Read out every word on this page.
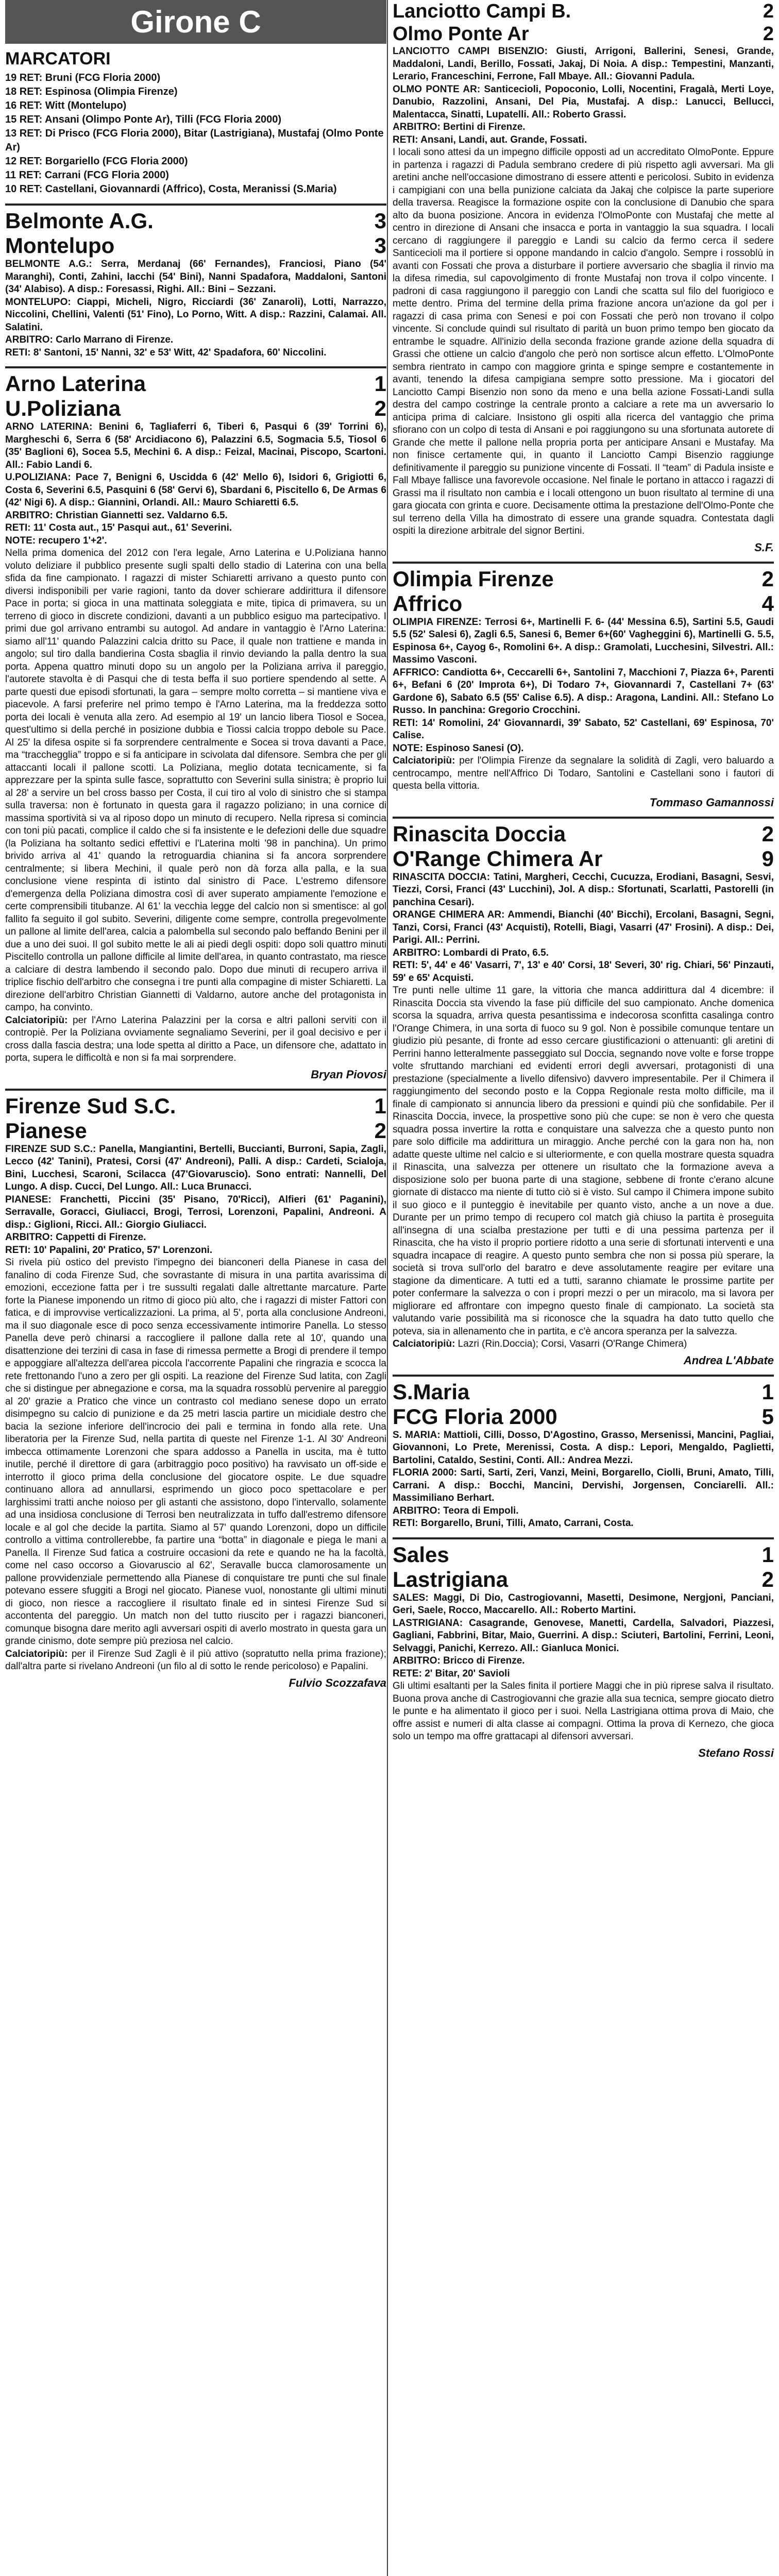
Girone C
MARCATORI

19 RET: Bruni (FCG Floria 2000)

18 RET: Espinosa (Olimpia Firenze)

16 RET: Witt (Montelupo)

15 RET: Ansani (Olimpo Ponte Ar), Tilli (FCG Floria 2000)

13 RET: Di Prisco (FCG Floria 2000), Bitar (Lastrigiana), Mustafaj (Olmo Ponte Ar)

12 RET: Borgariello (FCG Floria 2000)

11 RET: Carrani (FCG Floria 2000)

10 RET: Castellani, Giovannardi (Affrico), Costa, Meranissi (S.Maria)

Belmonte A.G.	3
Montelupo	3

BELMONTE A.G.: Serra, Merdanaj (66' Fernandes), Franciosi, Piano (54' Maranghi), Conti, Zahini, Iacchi (54' Bini), Nanni Spadafora, Maddaloni, Santoni (34' Alabiso). A disp.: Foresassi, Righi. All.: Bini – Sezzani.

MONTELUPO: Ciappi, Micheli, Nigro, Ricciardi (36' Zanaroli), Lotti, Narrazzo, Niccolini, Chellini, Valenti (51' Fino), Lo Porno, Witt. A disp.: Razzini, Calamai. All. Salatini.

ARBITRO: Carlo Marrano di Firenze.

RETI: 8' Santoni, 15' Nanni, 32' e 53' Witt, 42' Spadafora, 60' Niccolini.

Arno Laterina	1
U.Poliziana	2

ARNO LATERINA: Benini 6, Tagliaferri 6, Tiberi 6, Pasqui 6 (39' Torrini 6), Margheschi 6, Serra 6 (58' Arcidiacono 6), Palazzini 6.5, Sogmacia 5.5, Tiosol 6 (35' Baglioni 6), Socea 5.5, Mechini 6. A disp.: Feizal, Macinai, Piscopo, Scartoni. All.: Fabio Landi 6.

U.POLIZIANA: Pace 7, Benigni 6, Uscidda 6 (42' Mello 6), Isidori 6, Grigiotti 6, Costa 6, Severini 6.5, Pasquini 6 (58' Gervi 6), Sbardani 6, Piscitello 6, De Armas 6 (42' Nigi 6). A disp.: Giannini, Orlandi. All.: Mauro Schiaretti 6.5.

ARBITRO: Christian Giannetti sez. Valdarno 6.5.

RETI: 11' Costa aut., 15' Pasqui aut., 61' Severini.

NOTE: recupero 1'+2'.

Nella prima domenica del 2012 con l'era legale, Arno Laterina e U.Poliziana hanno voluto deliziare il pubblico presente sugli spalti dello stadio di Laterina con una bella sfida da fine campionato. I ragazzi di mister Schiaretti arrivano a questo punto con diversi indisponibili per varie ragioni, tanto da dover schierare addirittura il difensore Pace in porta; si gioca in una mattinata soleggiata e mite, tipica di primavera, su un terreno di gioco in discrete condizioni, davanti a un pubblico esiguo ma partecipativo. I primi due gol arrivano entrambi su autogol. Ad andare in vantaggio è l'Arno Laterina: siamo all'11' quando Palazzini calcia dritto su Pace, il quale non trattiene e manda in angolo; sul tiro dalla bandierina Costa sbaglia il rinvio deviando la palla dentro la sua porta. Appena quattro minuti dopo su un angolo per la Poliziana arriva il pareggio, l'autorete stavolta è di Pasqui che di testa beffa il suo portiere spendendo al sette. A parte questi due episodi sfortunati, la gara – sempre molto corretta – si mantiene viva e piacevole. A farsi preferire nel primo tempo è l'Arno Laterina, ma la freddezza sotto porta dei locali è venuta alla zero. Ad esempio al 19' un lancio libera Tiosol e Socea, quest'ultimo si della perché in posizione dubbia e Tiossi calcia troppo debole su Pace. Al 25' la difesa ospite si fa sorprendere centralmente e Socea si trova davanti a Pace, ma “tracchegglia” troppo e si fa anticipare in scivolata dal difensore. Sembra che per gli attaccanti locali il pallone scotti. La Poliziana, meglio dotata tecnicamente, si fa apprezzare per la spinta sulle fasce, soprattutto con Severini sulla sinistra; è proprio lui al 28' a servire un bel cross basso per Costa, il cui tiro al volo di sinistro che si stampa sulla traversa: non è fortunato in questa gara il ragazzo poliziano; in una cornice di massima sportività si va al riposo dopo un minuto di recupero. Nella ripresa si comincia con toni più pacati, complice il caldo che si fa insistente e le defezioni delle due squadre (la Poliziana ha soltanto sedici effettivi e l'Laterina molti '98 in panchina). Un primo brivido arriva al 41' quando la retroguardia chianina si fa ancora sorprendere centralmente; si libera Mechini, il quale però non dà forza alla palla, e la sua conclusione viene respinta di istinto dal sinistro di Pace. L'estremo difensore d'emergenza della Poliziana dimostra così di aver superato ampiamente l'emozione e certe comprensibili titubanze. Al 61' la vecchia legge del calcio non si smentisce: al gol fallito fa seguito il gol subito. Severini, diligente come sempre, controlla pregevolmente un pallone al limite dell'area, calcia a palombella sul secondo palo beffando Benini per il due a uno dei suoi. Il gol subito mette le ali ai piedi degli ospiti: dopo soli quattro minuti Piscitello controlla un pallone difficile al limite dell'area, in quanto contrastato, ma riesce a calciare di destra lambendo il secondo palo. Dopo due minuti di recupero arriva il triplice fischio dell'arbitro che consegna i tre punti alla compagine di mister Schiaretti. La direzione dell'arbitro Christian Giannetti di Valdarno, autore anche del protagonista in campo, ha convinto.

Calciatoripiù: per l'Arno Laterina Palazzini per la corsa e altri palloni serviti con il contropiè. Per la Poliziana ovviamente segnaliamo Severini, per il goal decisivo e per i cross dalla fascia destra; una lode spetta al diritto a Pace, un difensore che, adattato in porta, supera le difficoltà e non si fa mai sorprendere.

Bryan Piovosi
Firenze Sud S.C.	1
Pianese	2

FIRENZE SUD S.C.: Panella, Mangiantini, Bertelli, Buccianti, Burroni, Sapia, Zagli, Lecco (42' Tanini), Pratesi, Corsi (47' Andreoni), Palli. A disp.: Cardeti, Scialoja, Bini, Lucchesi, Scaroni, Scilacca (47'Giovaruscio). Sono entrati: Nannelli, Del Lungo. A disp. Cucci, Del Lungo. All.: Luca Brunacci.

PIANESE: Franchetti, Piccini (35' Pisano, 70'Ricci), Alfieri (61' Paganini), Serravalle, Goracci, Giuliacci, Brogi, Terrosi, Lorenzoni, Papalini, Andreoni. A disp.: Giglioni, Ricci. All.: Giorgio Giuliacci.

ARBITRO: Cappetti di Firenze.

RETI: 10' Papalini, 20' Pratico, 57' Lorenzoni.

Si rivela più ostico del previsto l'impegno dei bianconeri della Pianese in casa del fanalino di coda Firenze Sud, che sovrastante di misura in una partita avarissima di emozioni, eccezione fatta per i tre sussulti regalati dalle altrettante marcature. Parte forte la Pianese imponendo un ritmo di gioco più alto, che i ragazzi di mister Fattori con fatica, e di improvvise verticalizzazioni. La prima, al 5', porta alla conclusione Andreoni, ma il suo diagonale esce di poco senza eccessivamente intimorire Panella. Lo stesso Panella deve però chinarsi a raccogliere il pallone dalla rete al 10', quando una disattenzione dei terzini di casa in fase di rimessa permette a Brogi di prendere il tempo e appoggiare all'altezza dell'area piccola l'accorrente Papalini che ringrazia e scocca la rete frettonando l'uno a zero per gli ospiti. La reazione del Firenze Sud latita, con Zagli che si distingue per abnegazione e corsa, ma la squadra rossoblù pervenire al pareggio al 20' grazie a Pratico che vince un contrasto col mediano senese dopo un errato disimpegno su calcio di punizione e da 25 metri lascia partire un micidiale destro che bacia la sezione inferiore dell'incrocio dei pali e termina in fondo alla rete. Una liberatoria per la Firenze Sud, nella partita di queste nel Firenze 1-1. Al 30' Andreoni imbecca ottimamente Lorenzoni che spara addosso a Panella in uscita, ma è tutto inutile, perché il direttore di gara (arbitraggio poco positivo) ha ravvisato un off-side e interrotto il gioco prima della conclusione del giocatore ospite. Le due squadre continuano allora ad annullarsi, esprimendo un gioco poco spettacolare e per larghissimi tratti anche noioso per gli astanti che assistono, dopo l'intervallo, solamente ad una insidiosa conclusione di Terrosi ben neutralizzata in tuffo dall'estremo difensore locale e al gol che decide la partita. Siamo al 57' quando Lorenzoni, dopo un difficile controllo a vittima controllerebbe, fa partire una “botta” in diagonale e piega le mani a Panella. Il Firenze Sud fatica a costruire occasioni da rete e quando ne ha la facoltà, come nel caso occorso a Giovaruscio al 62', Seravalle bucca clamorosamente un pallone provvidenziale permettendo alla Pianese di conquistare tre punti che sul finale potevano essere sfuggiti a Brogi nel giocato. Pianese vuol, nonostante gli ultimi minuti di gioco, non riesce a raccogliere il risultato finale ed in sintesi Firenze Sud si accontenta del pareggio. Un match non del tutto riuscito per i ragazzi bianconeri, comunque bisogna dare merito agli avversari ospiti di averlo mostrato in questa gara un grande cinismo, dote sempre più preziosa nel calcio.

Calciatoripiù: per il Firenze Sud Zagli è il più attivo (sopratutto nella prima frazione); dall'altra parte si rivelano Andreoni (un filo al di sotto le rende pericoloso) e Papalini.

Fulvio Scozzafava
Lanciotto Campi B.	2
Olmo Ponte Ar	2

LANCIOTTO CAMPI BISENZIO: Giusti, Arrigoni, Ballerini, Senesi, Grande, Maddaloni, Landi, Berillo, Fossati, Jakaj, Di Noia. A disp.: Tempestini, Manzanti, Lerario, Franceschini, Ferrone, Fall Mbaye. All.: Giovanni Padula.

OLMO PONTE AR: Santicecioli, Popoconio, Lolli, Nocentini, Fragalà, Merti Loye, Danubio, Razzolini, Ansani, Del Pia, Mustafaj. A disp.: Lanucci, Bellucci, Malentacca, Sinatti, Lupatelli. All.: Roberto Grassi.

ARBITRO: Bertini di Firenze.

RETI: Ansani, Landi, aut. Grande, Fossati.

I locali sono attesi da un impegno difficile opposti ad un accreditato OlmoPonte. Eppure in partenza i ragazzi di Padula sembrano credere di più rispetto agli avversari. Ma gli aretini anche nell'occasione dimostrano di essere attenti e pericolosi. Subito in evidenza i campigiani con una bella punizione calciata da Jakaj che colpisce la parte superiore della traversa. Reagisce la formazione ospite con la conclusione di Danubio che spara alto da buona posizione. Ancora in evidenza l'OlmoPonte con Mustafaj che mette al centro in direzione di Ansani che insacca e porta in vantaggio la sua squadra. I locali cercano di raggiungere il pareggio e Landi su calcio da fermo cerca il sedere Santicecioli ma il portiere si oppone mandando in calcio d'angolo. Sempre i rossoblù in avanti con Fossati che prova a disturbare il portiere avversario che sbaglia il rinvio ma la difesa rimedia, sul capovolgimento di fronte Mustafaj non trova il colpo vincente. I padroni di casa raggiungono il pareggio con Landi che scatta sul filo del fuorigioco e mette dentro. Prima del termine della prima frazione ancora un'azione da gol per i ragazzi di casa prima con Senesi e poi con Fossati che però non trovano il colpo vincente. Si conclude quindi sul risultato di parità un buon primo tempo ben giocato da entrambe le squadre. All'inizio della seconda frazione grande azione della squadra di Grassi che ottiene un calcio d'angolo che però non sortisce alcun effetto. L'OlmoPonte sembra rientrato in campo con maggiore grinta e spinge sempre e costantemente in avanti, tenendo la difesa campigiana sempre sotto pressione. Ma i giocatori del Lanciotto Campi Bisenzio non sono da meno e una bella azione Fossati-Landi sulla destra del campo costringe la centrale pronto a calciare a rete ma un avversario lo anticipa prima di calciare. Insistono gli ospiti alla ricerca del vantaggio che prima sfiorano con un colpo di testa di Ansani e poi raggiungono su una sfortunata autorete di Grande che mette il pallone nella propria porta per anticipare Ansani e Mustafay. Ma non finisce certamente qui, in quanto il Lanciotto Campi Bisenzio raggiunge definitivamente il pareggio su punizione vincente di Fossati. Il “team” di Padula insiste e Fall Mbaye fallisce una favorevole occasione. Nel finale le portano in attacco i ragazzi di Grassi ma il risultato non cambia e i locali ottengono un buon risultato al termine di una gara giocata con grinta e cuore. Decisamente ottima la prestazione dell'Olmo-Ponte che sul terreno della Villa ha dimostrato di essere una grande squadra. Contestata dagli ospiti la direzione arbitrale del signor Bertini.

S.F.
Olimpia Firenze	2
Affrico	4

OLIMPIA FIRENZE: Terrosi 6+, Martinelli F. 6- (44' Messina 6.5), Sartini 5.5, Gaudi 5.5 (52' Salesi 6), Zagli 6.5, Sanesi 6, Bemer 6+(60' Vagheggini 6), Martinelli G. 5.5, Espinosa 6+, Cayog 6-, Romolini 6+. A disp.: Gramolati, Lucchesini, Silvestri. All.: Massimo Vasconi.

AFFRICO: Candiotta 6+, Ceccarelli 6+, Santolini 7, Macchioni 7, Piazza 6+, Parenti 6+, Befani 6 (20' Improta 6+), Di Todaro 7+, Giovannardi 7, Castellani 7+ (63' Gardone 6), Sabato 6.5 (55' Calise 6.5). A disp.: Aragona, Landini. All.: Stefano Lo Russo. In panchina: Gregorio Crocchini.

RETI: 14' Romolini, 24' Giovannardi, 39' Sabato, 52' Castellani, 69' Espinosa, 70' Calise.

NOTE: Espinoso Sanesi (O).

Calciatoripiù: per l'Olimpia Firenze da segnalare la solidità di Zagli, vero baluardo a centrocampo, mentre nell'Affrico Di Todaro, Santolini e Castellani sono i fautori di questa bella vittoria.

Tommaso Gamannossi
Rinascita Doccia	2
O'Range Chimera Ar	9

RINASCITA DOCCIA: Tatini, Margheri, Cecchi, Cucuzza, Erodiani, Basagni, Sesvi, Tiezzi, Corsi, Franci (43' Lucchini), Jol. A disp.: Sfortunati, Scarlatti, Pastorelli (in panchina Cesari).

ORANGE CHIMERA AR: Ammendi, Bianchi (40' Bicchi), Ercolani, Basagni, Segni, Tanzi, Corsi, Franci (43' Acquisti), Rotelli, Biagi, Vasarri (47' Frosini). A disp.: Dei, Parigi. All.: Perrini.

ARBITRO: Lombardi di Prato, 6.5.

RETI: 5', 44' e 46' Vasarri, 7', 13' e 40' Corsi, 18' Severi, 30' rig. Chiari, 56' Pinzauti, 59' e 65' Acquisti.

Tre punti nelle ultime 11 gare, la vittoria che manca addirittura dal 4 dicembre: il Rinascita Doccia sta vivendo la fase più difficile del suo campionato. Anche domenica scorsa la squadra, arriva questa pesantissima e indecorosa sconfitta casalinga contro l'Orange Chimera, in una sorta di fuoco su 9 gol. Non è possibile comunque tentare un giudizio più pesante, di fronte ad esso cercare giustificazioni o attenuanti: gli aretini di Perrini hanno letteralmente passeggiato sul Doccia, segnando nove volte e forse troppe volte sfruttando marchiani ed evidenti errori degli avversari, protagonisti di una prestazione (specialmente a livello difensivo) davvero impresentabile. Per il Chimera il raggiungimento del secondo posto e la Coppa Regionale resta molto difficile, ma il finale di campionato si annuncia libero da pressioni e quindi più che sonfidabile. Per il Rinascita Doccia, invece, la prospettive sono più che cupe: se non è vero che questa squadra possa invertire la rotta e conquistare una salvezza che a questo punto non pare solo difficile ma addirittura un miraggio. Anche perché con la gara non ha, non adatte queste ultime nel calcio e si ulteriormente, e con quella mostrare questa squadra il Rinascita, una salvezza per ottenere un risultato che la formazione aveva a disposizione solo per buona parte di una stagione, sebbene di fronte c'erano alcune giornate di distacco ma niente di tutto ciò si è visto. Sul campo il Chimera impone subito il suo gioco e il punteggio è inevitabile per quanto visto, anche a un nove a due. Durante per un primo tempo di recupero col match già chiuso la partita è proseguita all'insegna di una scialba prestazione per tutti e di una pessima partenza per il Rinascita, che ha visto il proprio portiere ridotto a una serie di sfortunati interventi e una squadra incapace di reagire. A questo punto sembra che non si possa più sperare, la società si trova sull'orlo del baratro e deve assolutamente reagire per evitare una stagione da dimenticare. A tutti ed a tutti, saranno chiamate le prossime partite per poter confermare la salvezza o con i propri mezzi o per un miracolo, ma si lavora per migliorare ed affrontare con impegno questo finale di campionato. La società sta valutando varie possibilità ma si riconosce che la squadra ha dato tutto quello che poteva, sia in allenamento che in partita, e c'è ancora speranza per la salvezza.

Calciatoripiù: Lazri (Rin.Doccia); Corsi, Vasarri (O'Range Chimera)

Andrea L'Abbate
S.Maria	1
FCG Floria 2000	5

S. MARIA: Mattioli, Cilli, Dosso, D'Agostino, Grasso, Mersenissi, Mancini, Pagliai, Giovannoni, Lo Prete, Merenissi, Costa. A disp.: Lepori, Mengaldo, Paglietti, Bartolini, Cataldo, Sestini, Conti. All.: Andrea Mezzi.

FLORIA 2000: Sarti, Sarti, Zeri, Vanzi, Meini, Borgarello, Ciolli, Bruni, Amato, Tilli, Carrani. A disp.: Bocchi, Mancini, Dervishi, Jorgensen, Conciarelli. All.: Massimiliano Berhart.

ARBITRO: Teora di Empoli.

RETI: Borgarello, Bruni, Tilli, Amato, Carrani, Costa.

Sales	1
Lastrigiana	2

SALES: Maggi, Di Dio, Castrogiovanni, Masetti, Desimone, Nergjoni, Panciani, Geri, Saele, Rocco, Maccarello. All.: Roberto Martini.

LASTRIGIANA: Casagrande, Genovese, Manetti, Cardella, Salvadori, Piazzesi, Gagliani, Fabbrini, Bitar, Maio, Guerrini. A disp.: Sciuteri, Bartolini, Ferrini, Leoni, Selvaggi, Panichi, Kerrezo. All.: Gianluca Monici.

ARBITRO: Bricco di Firenze.

RETE: 2' Bitar, 20' Savioli

Gli ultimi esaltanti per la Sales finita il portiere Maggi che in più riprese salva il risultato. Buona prova anche di Castrogiovanni che grazie alla sua tecnica, sempre giocato dietro le punte e ha alimentato il gioco per i suoi. Nella Lastrigiana ottima prova di Maio, che offre assist e numeri di alta classe ai compagni. Ottima la prova di Kernezo, che gioca solo un tempo ma offre grattacapi al difensori avversari.

Stefano Rossi
